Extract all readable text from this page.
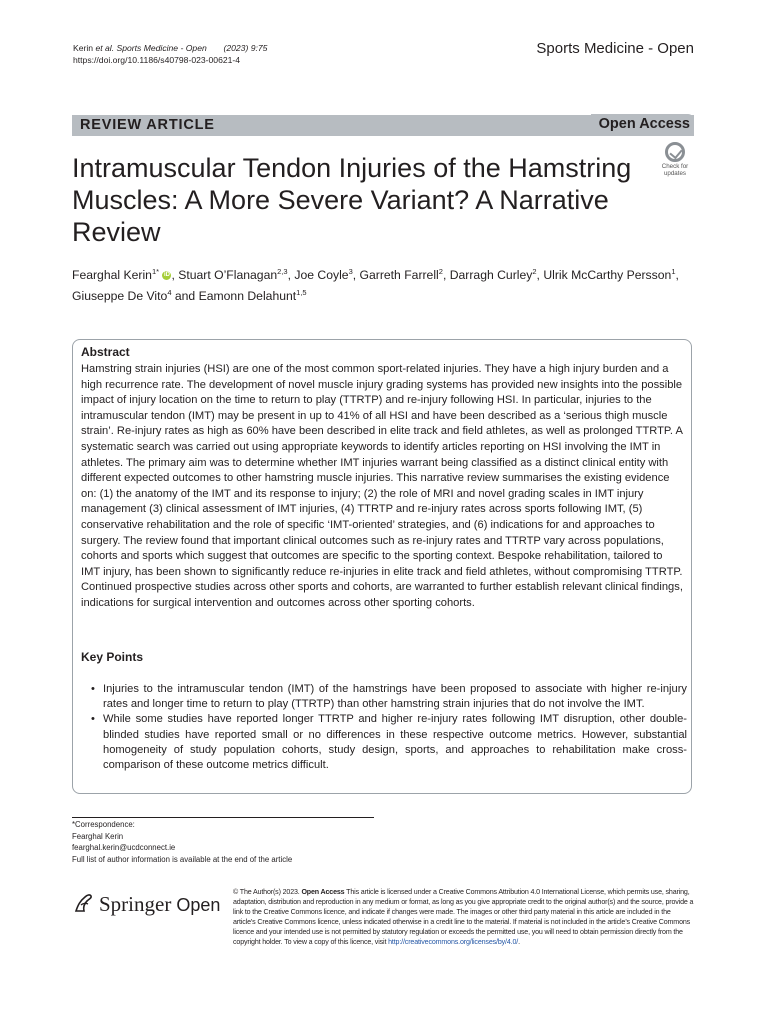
Kerin et al. Sports Medicine - Open (2023) 9:75
https://doi.org/10.1186/s40798-023-00621-4
Sports Medicine - Open
REVIEW ARTICLE	Open Access
Intramuscular Tendon Injuries of the Hamstring Muscles: A More Severe Variant? A Narrative Review
Check for
updates
Fearghal Kerin$^{1*}$ iD , Stuart O’Flanagan$^{2,3}$, Joe Coyle$^3$, Garreth Farrell$^2$, Darragh Curley$^2$, Ulrik McCarthy Persson$^1$, Giuseppe De Vito$^4$ and Eamonn Delahunt$^{1,5}$
Abstract

Hamstring strain injuries (HSI) are one of the most common sport-related injuries. They have a high injury burden and a high recurrence rate. The development of novel muscle injury grading systems has provided new insights into the possible impact of injury location on the time to return to play (TTRTP) and re-injury following HSI. In particular, injuries to the intramuscular tendon (IMT) may be present in up to 41% of all HSI and have been described as a ‘serious thigh muscle strain’. Re-injury rates as high as 60% have been described in elite track and field athletes, as well as prolonged TTRTP. A systematic search was carried out using appropriate keywords to identify articles reporting on HSI involving the IMT in athletes. The primary aim was to determine whether IMT injuries warrant being classified as a distinct clinical entity with different expected outcomes to other hamstring muscle injuries. This narrative review summarises the existing evidence on: (1) the anatomy of the IMT and its response to injury; (2) the role of MRI and novel grading scales in IMT injury management (3) clinical assessment of IMT injuries, (4) TTRTP and re-injury rates across sports following IMT, (5) conservative rehabilitation and the role of specific ‘IMT-oriented’ strategies, and (6) indications for and approaches to surgery. The review found that important clinical outcomes such as re-injury rates and TTRTP vary across populations, cohorts and sports which suggest that outcomes are specific to the sporting context. Bespoke rehabilitation, tailored to IMT injury, has been shown to significantly reduce re-injuries in elite track and field athletes, without compromising TTRTP. Continued prospective studies across other sports and cohorts, are warranted to further establish relevant clinical findings, indications for surgical intervention and outcomes across other sporting cohorts.

Key Points
• Injuries to the intramuscular tendon (IMT) of the hamstrings have been proposed to associate with higher re-injury rates and longer time to return to play (TTRTP) than other hamstring strain injuries that do not involve the IMT.
• While some studies have reported longer TTRTP and higher re-injury rates following IMT disruption, other double-blinded studies have reported small or no differences in these respective outcome metrics. However, substantial homogeneity of study population cohorts, study design, sports, and approaches to rehabilitation make cross-comparison of these outcome metrics difficult.
*Correspondence:
Fearghal Kerin
fearghal.kerin@ucdconnect.ie
Full list of author information is available at the end of the article
Springer Open
© The Author(s) 2023. Open Access This article is licensed under a Creative Commons Attribution 4.0 International License, which permits use, sharing, adaptation, distribution and reproduction in any medium or format, as long as you give appropriate credit to the original author(s) and the source, provide a link to the Creative Commons licence, and indicate if changes were made. The images or other third party material in this article are included in the article’s Creative Commons licence, unless indicated otherwise in a credit line to the material. If material is not included in the article’s Creative Commons licence and your intended use is not permitted by statutory regulation or exceeds the permitted use, you will need to obtain permission directly from the copyright holder. To view a copy of this licence, visit http://creativecommons.org/licenses/by/4.0/.
